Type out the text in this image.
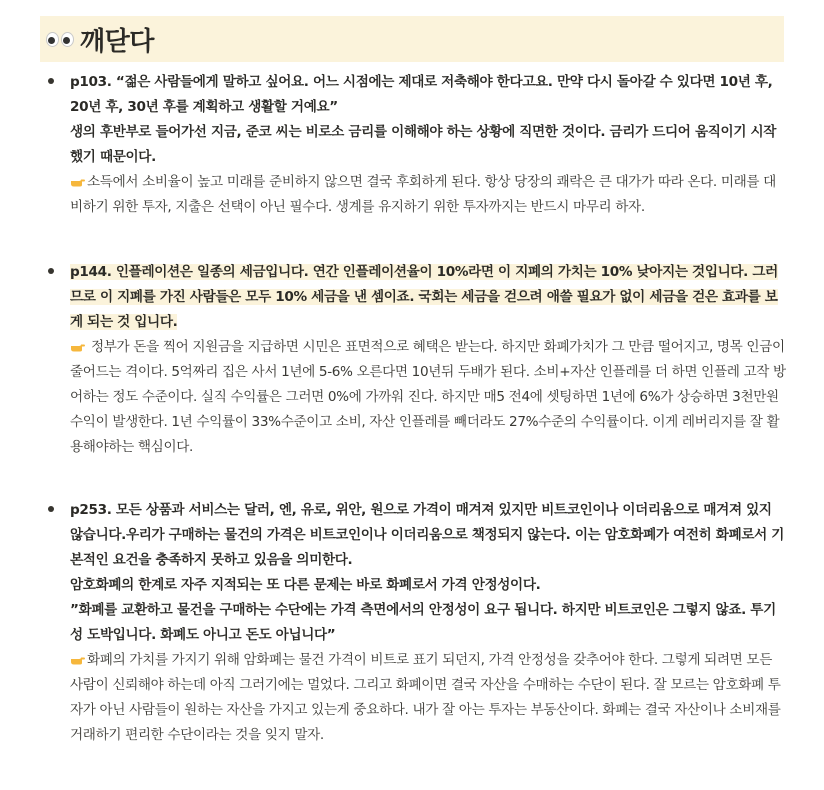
깨닫다
p103. “젊은 사람들에게 말하고 싶어요. 어느 시점에는 제대로 저축해야 한다고요. 만약 다시 돌아갈 수 있다면 10년 후, 20년 후, 30년 후를 계획하고 생활할 거예요”
생의 후반부로 들어가선 지금, 준코 씨는 비로소 금리를 이해해야 하는 상황에 직면한 것이다. 금리가 드디어 움직이기 시작했기 때문이다.
소득에서 소비율이 높고 미래를 준비하지 않으면 결국 후회하게 된다. 항상 당장의 쾌락은 큰 대가가 따라 온다. 미래를 대비하기 위한 투자, 지출은 선택이 아닌 필수다. 생계를 유지하기 위한 투자까지는 반드시 마무리 하자.
p144. 인플레이션은 일종의 세금입니다. 연간 인플레이션율이 10%라면 이 지폐의 가치는 10% 낮아지는 것입니다. 그러므로 이 지폐를 가진 사람들은 모두 10% 세금을 낸 셈이죠. 국회는 세금을 걷으려 애쓸 필요가 없이 세금을 걷은 효과를 보게 되는 것 입니다.
정부가 돈을 찍어 지원금을 지급하면 시민은 표면적으로 혜택은 받는다. 하지만 화폐가치가 그 만큼 떨어지고, 명목 인금이 줄어드는 격이다. 5억짜리 집은 사서 1년에 5-6% 오른다면 10년뒤 두배가 된다. 소비+자산 인플레를 더 하면 인플레 고작 방어하는 정도 수준이다. 실직 수익률은 그러면 0%에 가까워 진다. 하지만 매5 전4에 셋팅하면 1년에 6%가 상승하면 3천만원 수익이 발생한다. 1년 수익률이 33%수준이고 소비, 자산 인플레를 빼더라도 27%수준의 수익률이다. 이게 레버리지를 잘 활용해야하는 핵심이다.
p253. 모든 상품과 서비스는 달러, 엔, 유로, 위안, 원으로 가격이 매겨져 있지만 비트코인이나 이더리움으로 매겨져 있지 않습니다.우리가 구매하는 물건의 가격은 비트코인이나 이더리움으로 책정되지 않는다. 이는 암호화폐가 여전히 화폐로서 기본적인 요건을 충족하지 못하고 있음을 의미한다.
암호화폐의 한계로 자주 지적되는 또 다른 문제는 바로 화폐로서 가격 안정성이다.
”화폐를 교환하고 물건을 구매하는 수단에는 가격 측면에서의 안정성이 요구 됩니다. 하지만 비트코인은 그렇지 않죠. 투기성 도박입니다. 화폐도 아니고 돈도 아닙니다”
화폐의 가치를 가지기 위해 암화폐는 물건 가격이 비트로 표기 되던지, 가격 안정성을 갖추어야 한다. 그렇게 되려면 모든 사람이 신뢰해야 하는데 아직 그러기에는 멀었다. 그리고 화폐이면 결국 자산을 수매하는 수단이 된다. 잘 모르는 암호화폐 투자가 아닌 사람들이 원하는 자산을 가지고 있는게 중요하다. 내가 잘 아는 투자는 부동산이다. 화폐는 결국 자산이나 소비재를 거래하기 편리한 수단이라는 것을 잊지 말자.
